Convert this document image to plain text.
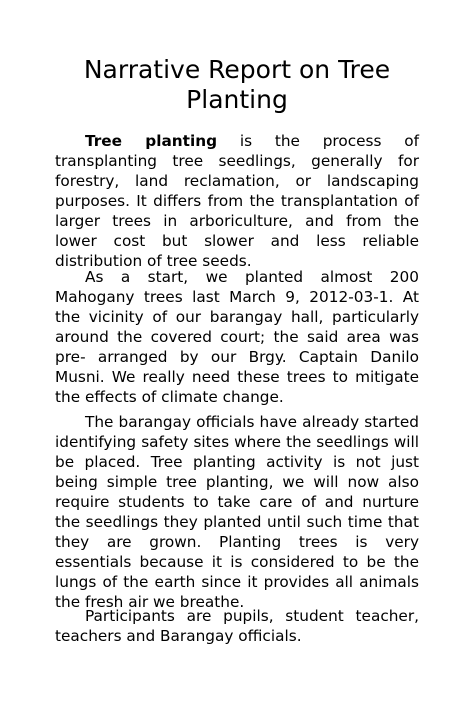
Narrative Report on Tree Planting

Tree planting is the process of transplanting tree seedlings, generally for forestry, land reclamation, or landscaping purposes. It differs from the transplantation of larger trees in arboriculture, and from the lower cost but slower and less reliable distribution of tree seeds.

As a start, we planted almost 200 Mahogany trees last March 9, 2012-03-1. At the vicinity of our barangay hall, particularly around the covered court; the said area was pre- arranged by our Brgy. Captain Danilo Musni. We really need these trees to mitigate the effects of climate change.

The barangay officials have already started identifying safety sites where the seedlings will be placed. Tree planting activity is not just being simple tree planting, we will now also require students to take care of and nurture the seedlings they planted until such time that they are grown. Planting trees is very essentials because it is considered to be the lungs of the earth since it provides all animals the fresh air we breathe.

Participants are pupils, student teacher, teachers and Barangay officials.
